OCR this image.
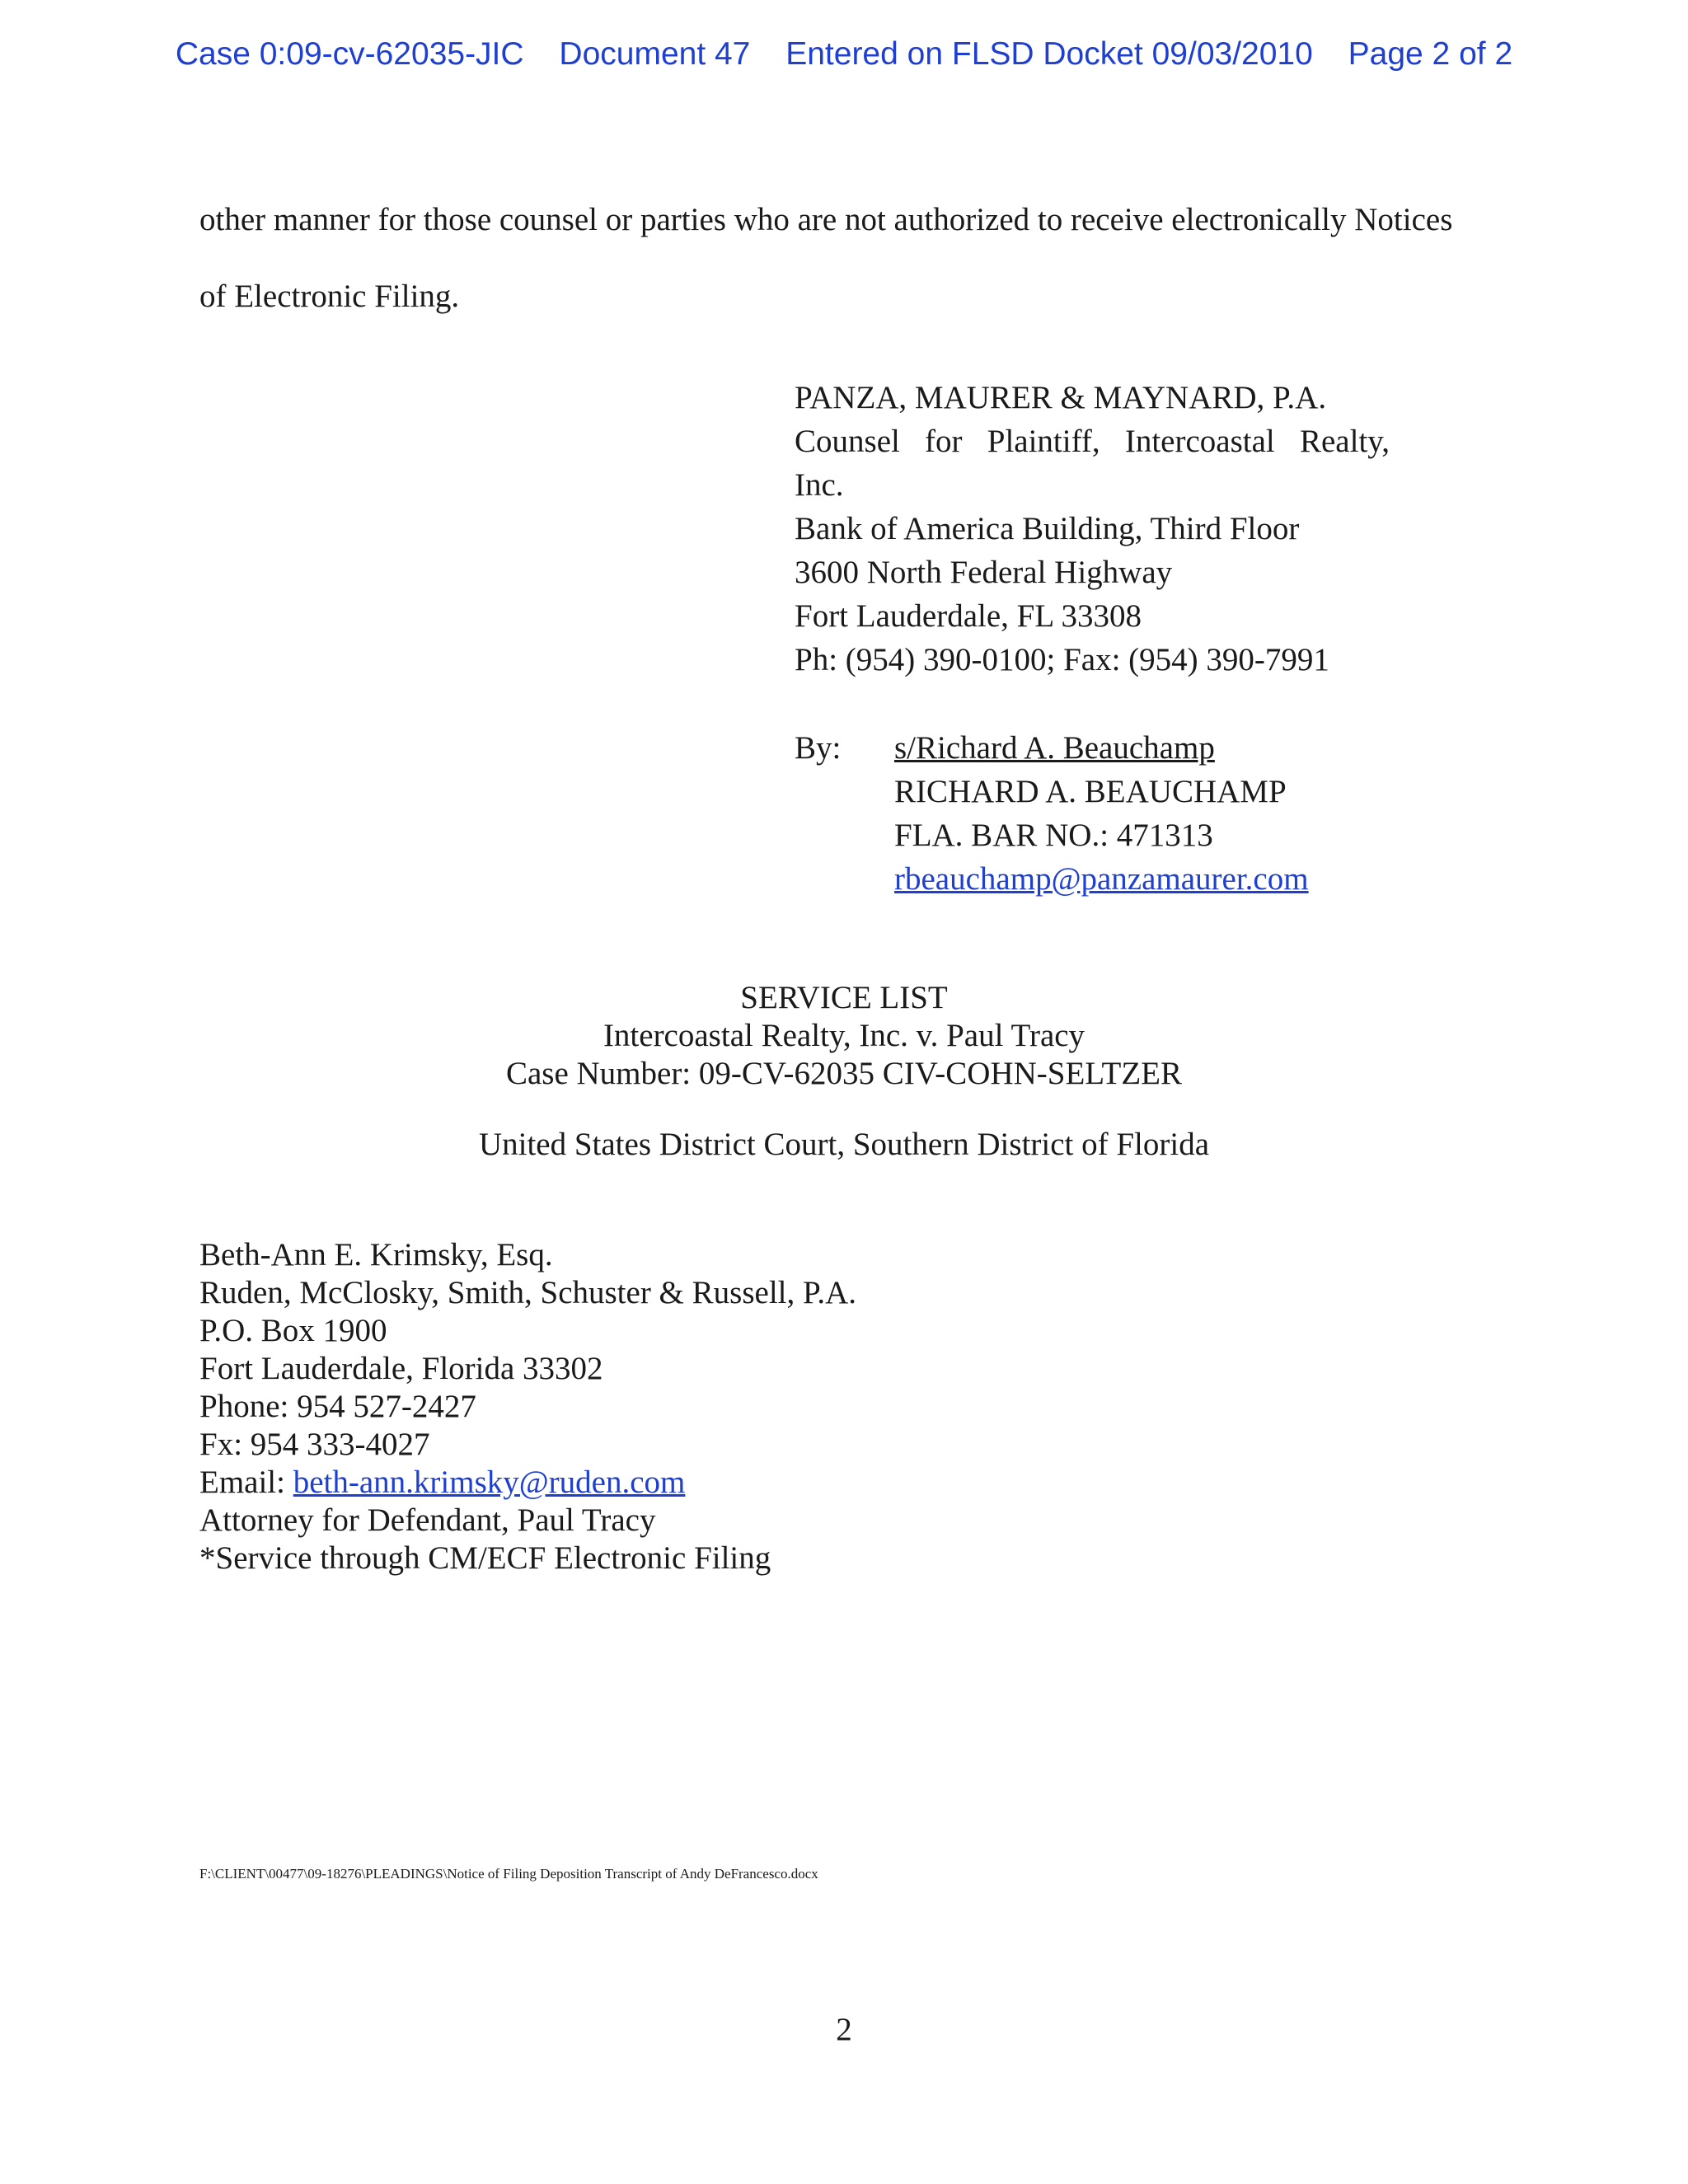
Case 0:09-cv-62035-JIC Document 47 Entered on FLSD Docket 09/03/2010 Page 2 of 2
other manner for those counsel or parties who are not authorized to receive electronically Notices
of Electronic Filing.
PANZA, MAURER & MAYNARD, P.A.
Counsel for Plaintiff, Intercoastal Realty,
Inc.
Bank of America Building, Third Floor
3600 North Federal Highway
Fort Lauderdale, FL 33308
Ph: (954) 390-0100; Fax: (954) 390-7991
By: s/Richard A. Beauchamp
RICHARD A. BEAUCHAMP
FLA. BAR NO.: 471313
rbeauchamp@panzamaurer.com
SERVICE LIST
Intercoastal Realty, Inc. v. Paul Tracy
Case Number: 09-CV-62035 CIV-COHN-SELTZER
United States District Court, Southern District of Florida
Beth-Ann E. Krimsky, Esq.
Ruden, McClosky, Smith, Schuster & Russell, P.A.
P.O. Box 1900
Fort Lauderdale, Florida 33302
Phone: 954 527-2427
Fx: 954 333-4027
Email: beth-ann.krimsky@ruden.com
Attorney for Defendant, Paul Tracy
*Service through CM/ECF Electronic Filing
F:\CLIENT\00477\09-18276\PLEADINGS\Notice of Filing Deposition Transcript of Andy DeFrancesco.docx
2
